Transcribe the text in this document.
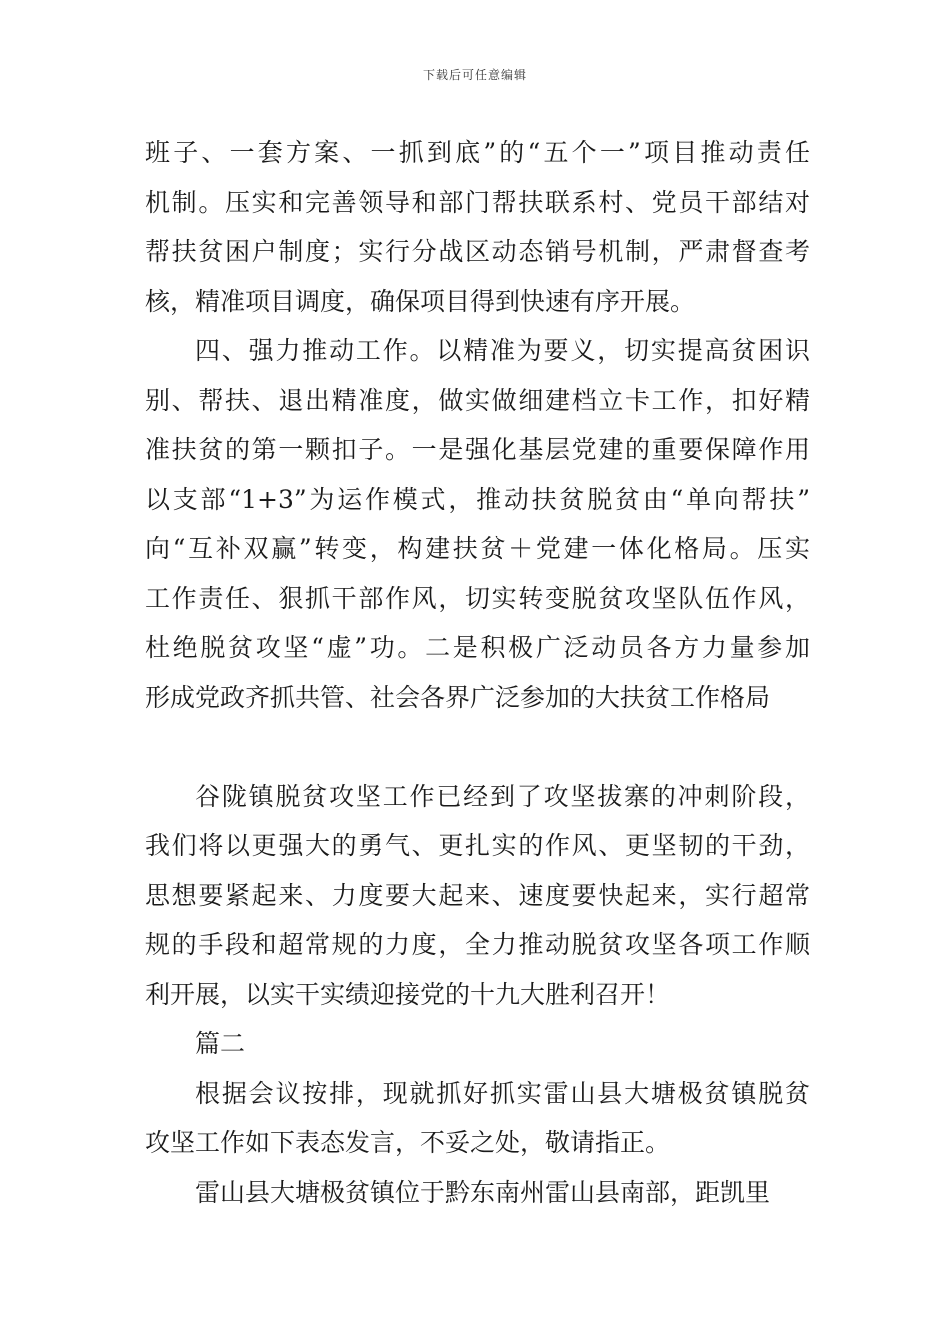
下载后可任意编辑
班子、一套方案、一抓到底”的“五个一”项目推动责任
机制。压实和完善领导和部门帮扶联系村、党员干部结对
帮扶贫困户制度；实行分战区动态销号机制，严肃督查考
核，精准项目调度，确保项目得到快速有序开展。
四、强力推动工作。以精准为要义，切实提高贫困识
别、帮扶、退出精准度，做实做细建档立卡工作，扣好精
准扶贫的第一颗扣子。一是强化基层党建的重要保障作用
以支部“1+3”为运作模式，推动扶贫脱贫由“单向帮扶”
向“互补双赢”转变，构建扶贫＋党建一体化格局。压实
工作责任、狠抓干部作风，切实转变脱贫攻坚队伍作风，
杜绝脱贫攻坚“虚”功。二是积极广泛动员各方力量参加
形成党政齐抓共管、社会各界广泛参加的大扶贫工作格局
谷陇镇脱贫攻坚工作已经到了攻坚拔寨的冲刺阶段，
我们将以更强大的勇气、更扎实的作风、更坚韧的干劲，
思想要紧起来、力度要大起来、速度要快起来，实行超常
规的手段和超常规的力度，全力推动脱贫攻坚各项工作顺
利开展，以实干实绩迎接党的十九大胜利召开！
篇二
根据会议按排，现就抓好抓实雷山县大塘极贫镇脱贫
攻坚工作如下表态发言，不妥之处，敬请指正。
雷山县大塘极贫镇位于黔东南州雷山县南部，距凯里
